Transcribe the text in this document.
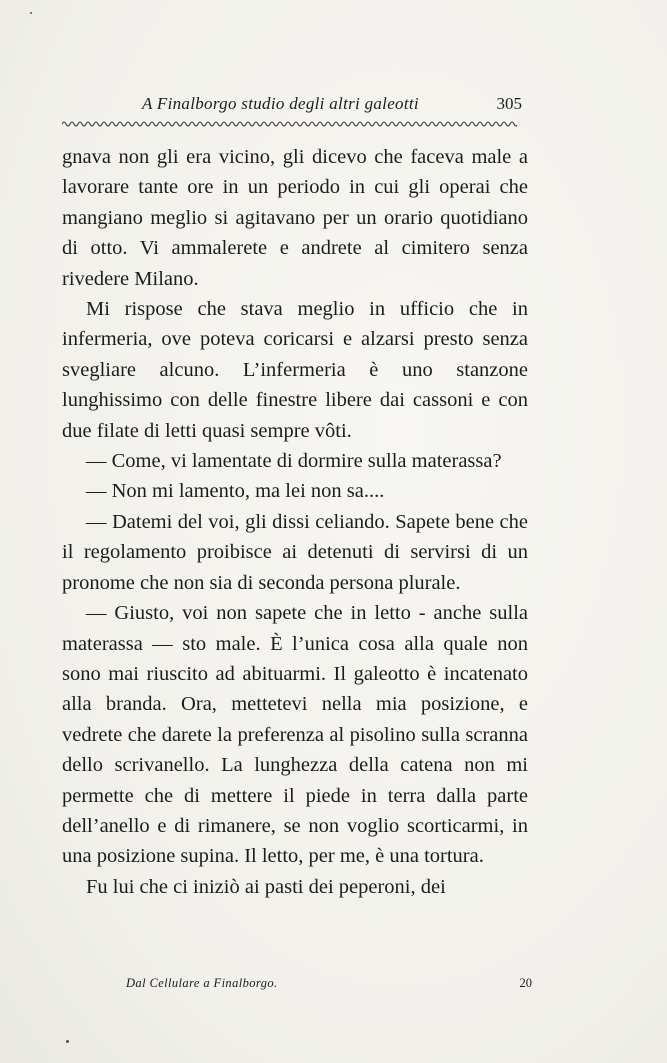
A Finalborgo studio degli altri galeotti	305

gnava non gli era vicino, gli dicevo che faceva male a lavorare tante ore in un periodo in cui gli operai che mangiano meglio si agitavano per un orario quotidiano di otto. Vi ammalerete e andrete al cimitero senza rivedere Milano.

Mi rispose che stava meglio in ufficio che in infermeria, ove poteva coricarsi e alzarsi presto senza svegliare alcuno. L’infermeria è uno stanzone lunghissimo con delle finestre libere dai cassoni e con due filate di letti quasi sempre vôti.

— Come, vi lamentate di dormire sulla materassa?

— Non mi lamento, ma lei non sa....

— Datemi del voi, gli dissi celiando. Sapete bene che il regolamento proibisce ai detenuti di servirsi di un pronome che non sia di seconda persona plurale.

— Giusto, voi non sapete che in letto - anche sulla materassa — sto male. È l’unica cosa alla quale non sono mai riuscito ad abituarmi. Il galeotto è incatenato alla branda. Ora, mettetevi nella mia posizione, e vedrete che darete la preferenza al pisolino sulla scranna dello scrivanello. La lunghezza della catena non mi permette che di mettere il piede in terra dalla parte dell’anello e di rimanere, se non voglio scorticarmi, in una posizione supina. Il letto, per me, è una tortura.

Fu lui che ci iniziò ai pasti dei peperoni, dei

Dal Cellulare a Finalborgo.	20
